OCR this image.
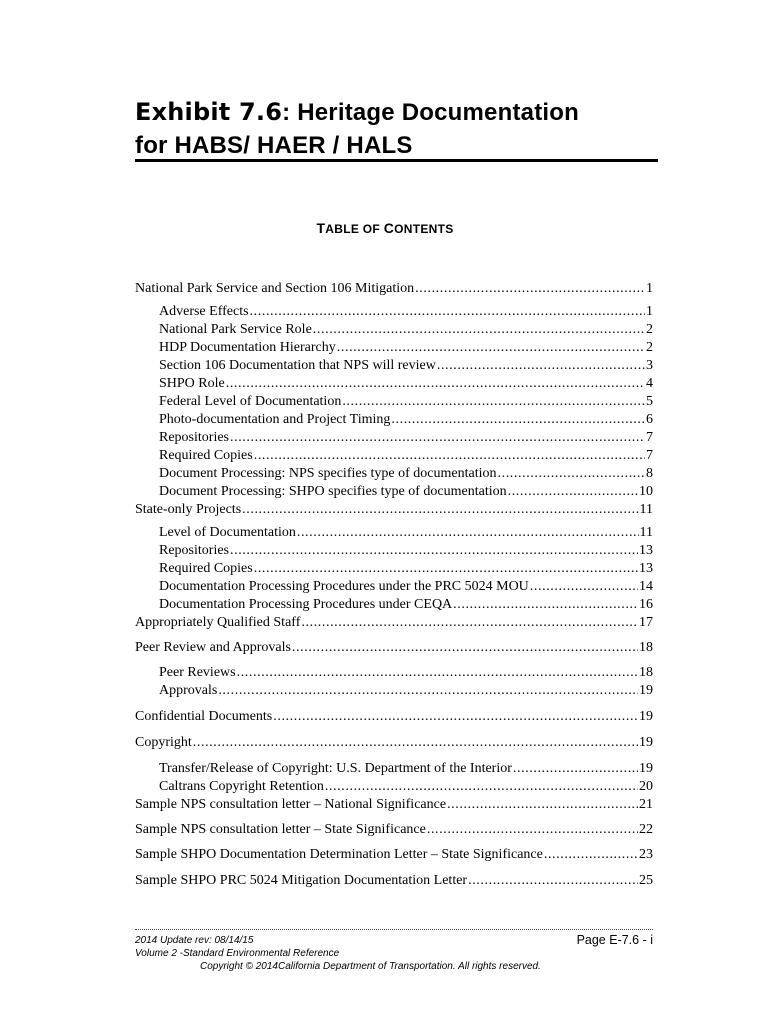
Exhibit 7.6: Heritage Documentation
for HABS/ HAER / HALS
TABLE OF CONTENTS
National Park Service and Section 106 Mitigation .....	1
Adverse Effects .....	1
National Park Service Role .....	2
HDP Documentation Hierarchy .....	2
Section 106 Documentation that NPS will review .....	3
SHPO Role .....	4
Federal Level of Documentation .....	5
Photo-documentation and Project Timing .....	6
Repositories .....	7
Required Copies .....	7
Document Processing: NPS specifies type of documentation .....	8
Document Processing: SHPO specifies type of documentation .....	10
State-only Projects .....	11
Level of Documentation .....	11
Repositories .....	13
Required Copies .....	13
Documentation Processing Procedures under the PRC 5024 MOU .....	14
Documentation Processing Procedures under CEQA .....	16
Appropriately Qualified Staff .....	17
Peer Review and Approvals .....	18
Peer Reviews .....	18
Approvals .....	19
Confidential Documents .....	19
Copyright .....	19
Transfer/Release of Copyright: U.S. Department of the Interior .....	19
Caltrans Copyright Retention .....	20
Sample NPS consultation letter – National Significance .....	21
Sample NPS consultation letter – State Significance .....	22
Sample SHPO Documentation Determination Letter – State Significance .....	23
Sample SHPO PRC 5024 Mitigation Documentation Letter .....	25
2014 Update rev: 08/14/15	Page E-7.6 - i
Volume 2 -Standard Environmental Reference
Copyright © 2014California Department of Transportation. All rights reserved.
